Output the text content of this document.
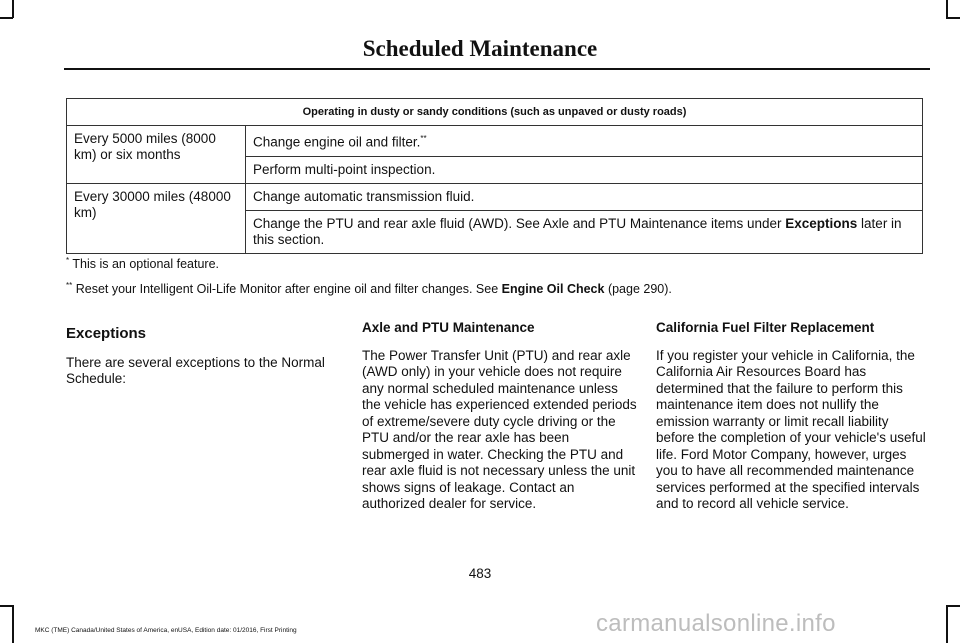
Scheduled Maintenance
Operating in dusty or sandy conditions (such as unpaved or dusty roads)	
Every 5000 miles (8000 km) or six months	Change engine oil and filter.**
	Perform multi-point inspection.
Every 30000 miles (48000 km)	Change automatic transmission fluid.
	Change the PTU and rear axle fluid (AWD). See Axle and PTU Maintenance items under Exceptions later in this section.
* This is an optional feature.
** Reset your Intelligent Oil-Life Monitor after engine oil and filter changes. See Engine Oil Check (page 290).
Exceptions

There are several exceptions to the Normal Schedule:

Axle and PTU Maintenance

The Power Transfer Unit (PTU) and rear axle (AWD only) in your vehicle does not require any normal scheduled maintenance unless the vehicle has experienced extended periods of extreme/severe duty cycle driving or the PTU and/or the rear axle has been submerged in water. Checking the PTU and rear axle fluid is not necessary unless the unit shows signs of leakage. Contact an authorized dealer for service.

California Fuel Filter Replacement

If you register your vehicle in California, the California Air Resources Board has determined that the failure to perform this maintenance item does not nullify the emission warranty or limit recall liability before the completion of your vehicle's useful life. Ford Motor Company, however, urges you to have all recommended maintenance services performed at the specified intervals and to record all vehicle service.

483
MKC (TME) Canada/United States of America, enUSA, Edition date: 01/2016, First Printing	carmanualsonline.info
